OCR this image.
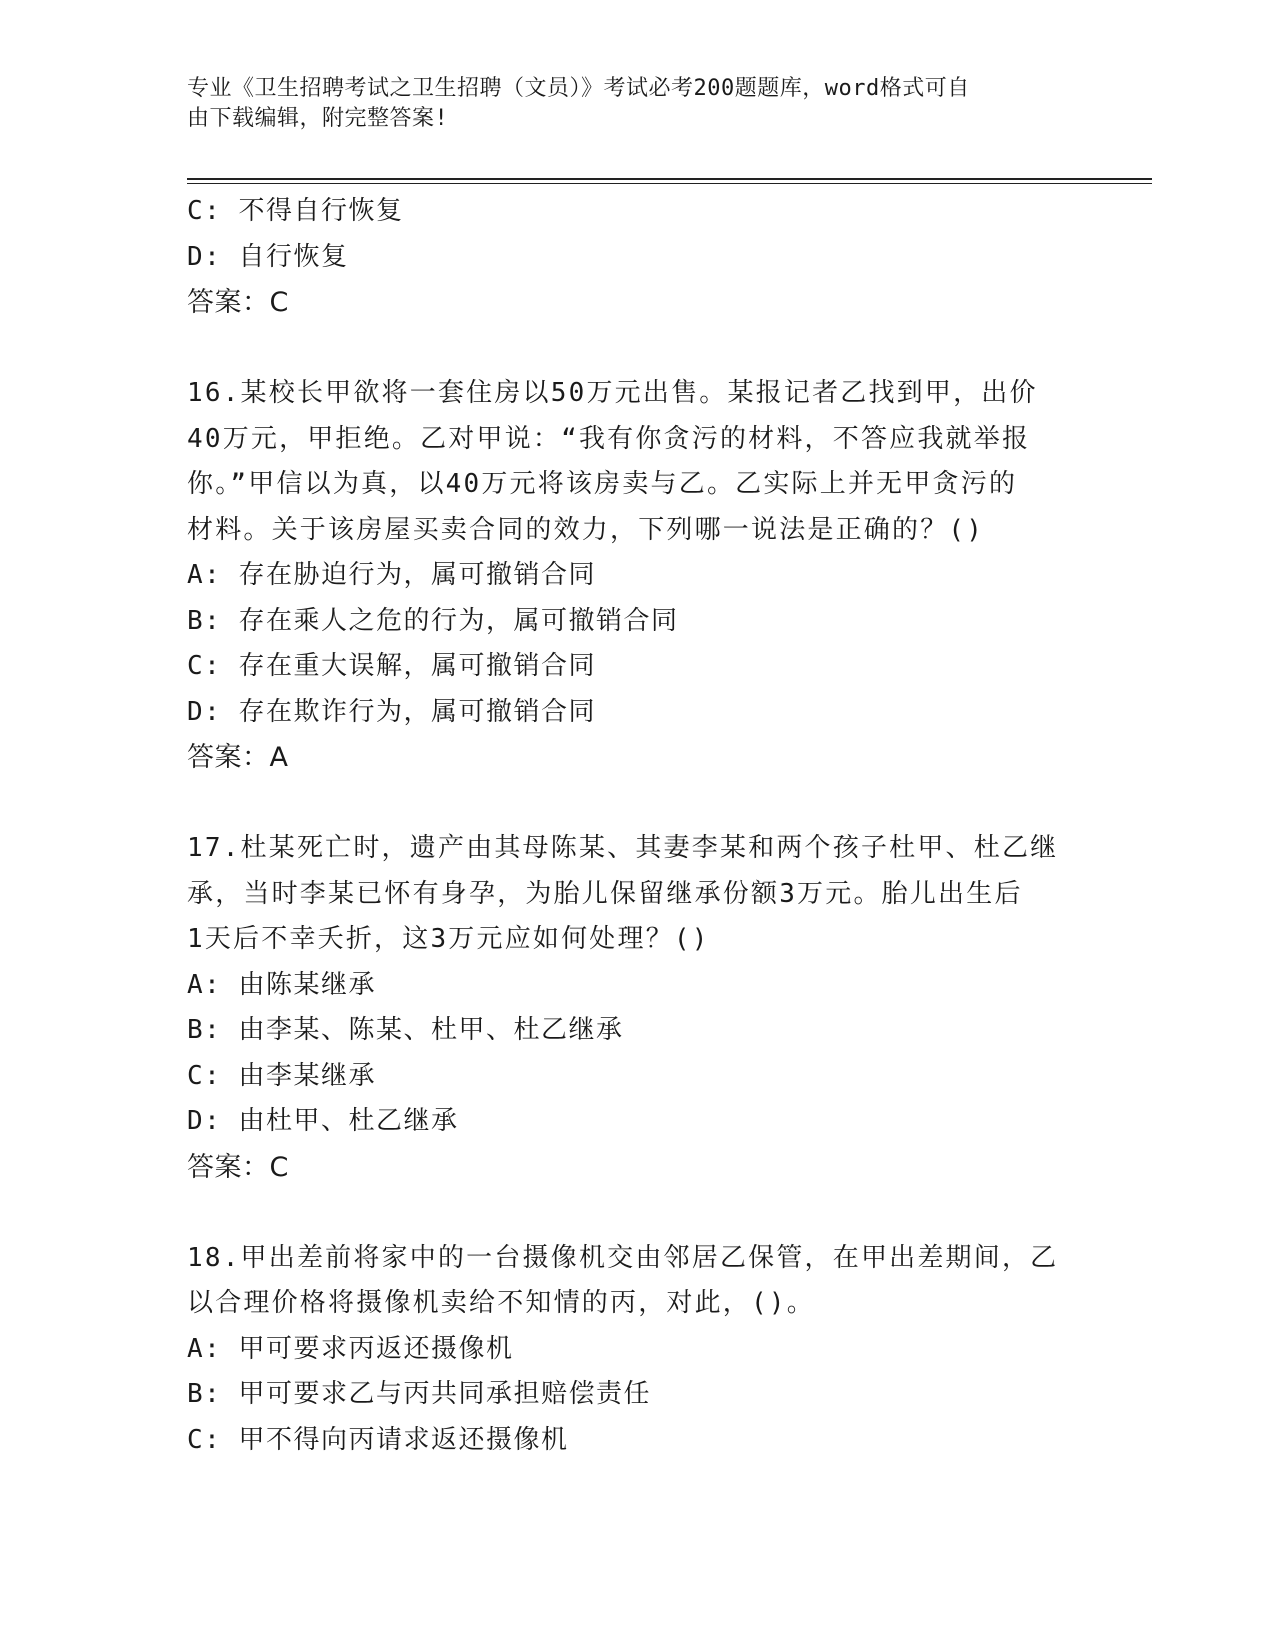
专业《卫生招聘考试之卫生招聘（文员）》考试必考200题题库，word格式可自
由下载编辑，附完整答案!
C: 不得自行恢复
D: 自行恢复
答案：C
16.某校长甲欲将一套住房以50万元出售。某报记者乙找到甲，出价
40万元，甲拒绝。乙对甲说：“我有你贪污的材料，不答应我就举报
你。”甲信以为真，以40万元将该房卖与乙。乙实际上并无甲贪污的
材料。关于该房屋买卖合同的效力，下列哪一说法是正确的？()
A: 存在胁迫行为，属可撤销合同
B: 存在乘人之危的行为，属可撤销合同
C: 存在重大误解，属可撤销合同
D: 存在欺诈行为，属可撤销合同
答案：A
17.杜某死亡时，遗产由其母陈某、其妻李某和两个孩子杜甲、杜乙继
承，当时李某已怀有身孕，为胎儿保留继承份额3万元。胎儿出生后
1天后不幸夭折，这3万元应如何处理？()
A: 由陈某继承
B: 由李某、陈某、杜甲、杜乙继承
C: 由李某继承
D: 由杜甲、杜乙继承
答案：C
18.甲出差前将家中的一台摄像机交由邻居乙保管，在甲出差期间，乙
以合理价格将摄像机卖给不知情的丙，对此，()。
A: 甲可要求丙返还摄像机
B: 甲可要求乙与丙共同承担赔偿责任
C: 甲不得向丙请求返还摄像机
